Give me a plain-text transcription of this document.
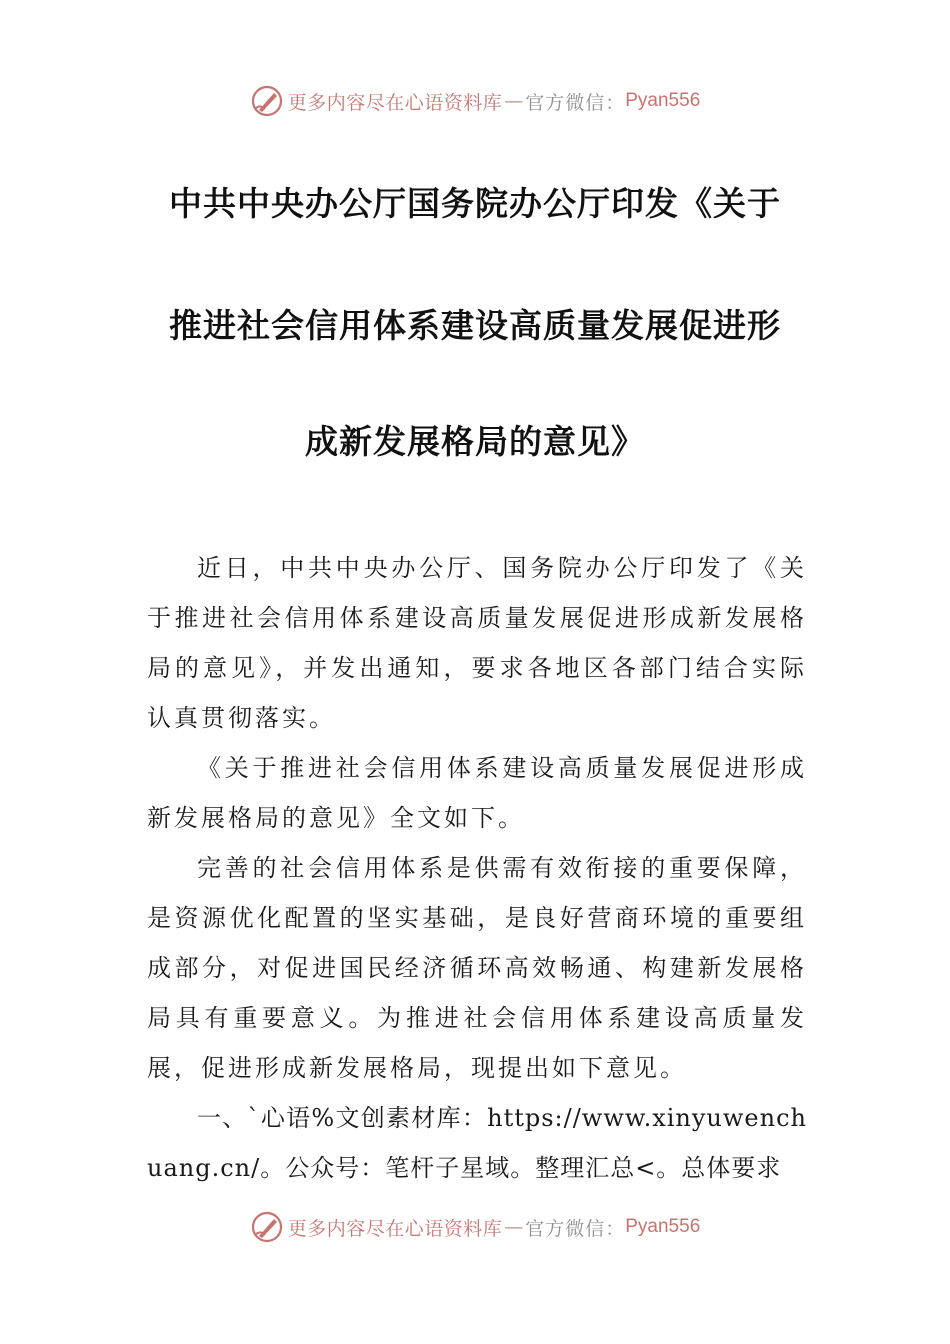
更多内容尽在心语资料库 — 官方微信： Pyan556
中共中央办公厅国务院办公厅印发《关于
推进社会信用体系建设高质量发展促进形
成新发展格局的意见》

近日，中共中央办公厅、国务院办公厅印发了《关于推进社会信用体系建设高质量发展促进形成新发展格局的意见》，并发出通知，要求各地区各部门结合实际认真贯彻落实。

《关于推进社会信用体系建设高质量发展促进形成新发展格局的意见》全文如下。

完善的社会信用体系是供需有效衔接的重要保障，是资源优化配置的坚实基础，是良好营商环境的重要组成部分，对促进国民经济循环高效畅通、构建新发展格局具有重要意义。为推进社会信用体系建设高质量发展，促进形成新发展格局，现提出如下意见。

一、`心语%文创素材库：https://www.xinyuwenchuang.cn/。公众号：笔杆子星域。整理汇总<。总体要求

更多内容尽在心语资料库 — 官方微信： Pyan556
